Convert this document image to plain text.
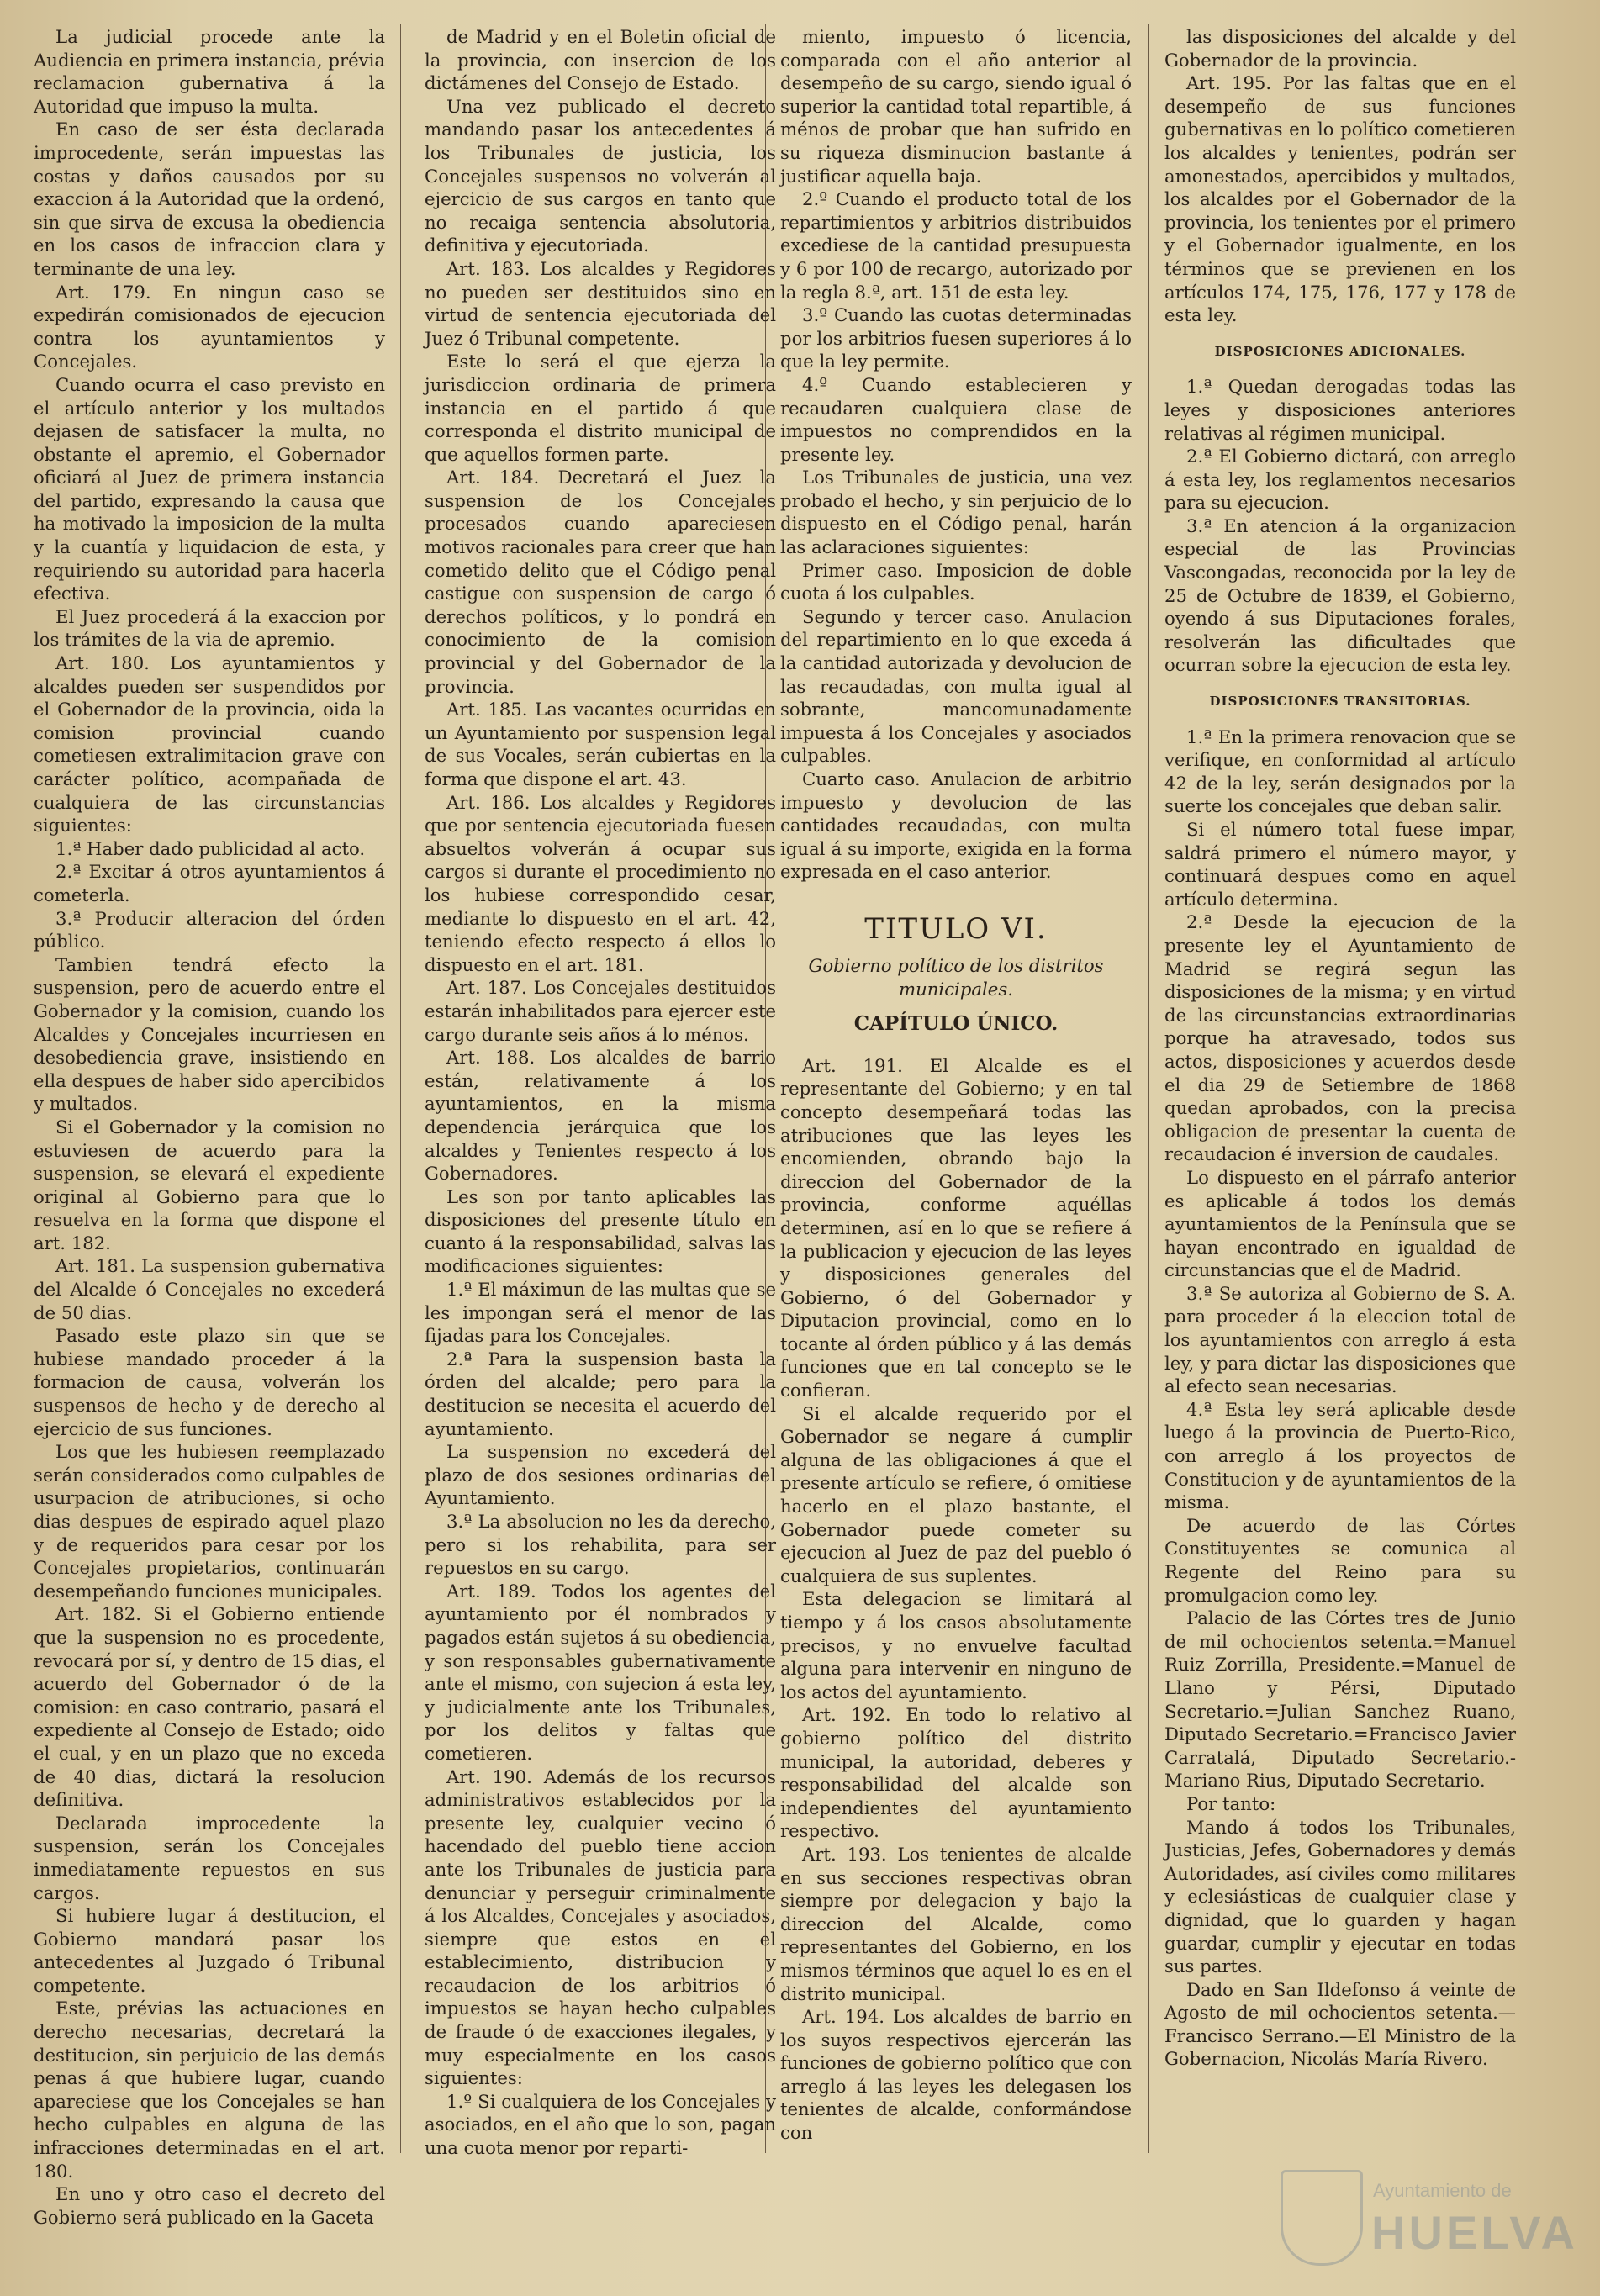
La judicial procede ante la Audiencia en primera instancia, prévia reclamacion gubernativa á la Autoridad que impuso la multa.

En caso de ser ésta declarada improcedente, serán impuestas las costas y daños causados por su exaccion á la Autoridad que la ordenó, sin que sirva de excusa la obediencia en los casos de infraccion clara y terminante de una ley.

Art. 179. En ningun caso se expedirán comisionados de ejecucion contra los ayuntamientos y Concejales.

Cuando ocurra el caso previsto en el artículo anterior y los multados dejasen de satisfacer la multa, no obstante el apremio, el Gobernador oficiará al Juez de primera instancia del partido, expresando la causa que ha motivado la imposicion de la multa y la cuantía y liquidacion de esta, y requiriendo su autoridad para hacerla efectiva.

El Juez procederá á la exaccion por los trámites de la via de apremio.

Art. 180. Los ayuntamientos y alcaldes pueden ser suspendidos por el Gobernador de la provincia, oida la comision provincial cuando cometiesen extralimitacion grave con carácter político, acompañada de cualquiera de las circunstancias siguientes:

1.ª Haber dado publicidad al acto.

2.ª Excitar á otros ayuntamientos á cometerla.

3.ª Producir alteracion del órden público.

Tambien tendrá efecto la suspension, pero de acuerdo entre el Gobernador y la comision, cuando los Alcaldes y Concejales incurriesen en desobediencia grave, insistiendo en ella despues de haber sido apercibidos y multados.

Si el Gobernador y la comision no estuviesen de acuerdo para la suspension, se elevará el expediente original al Gobierno para que lo resuelva en la forma que dispone el art. 182.

Art. 181. La suspension gubernativa del Alcalde ó Concejales no excederá de 50 dias.

Pasado este plazo sin que se hubiese mandado proceder á la formacion de causa, volverán los suspensos de hecho y de derecho al ejercicio de sus funciones.

Los que les hubiesen reemplazado serán considerados como culpables de usurpacion de atribuciones, si ocho dias despues de espirado aquel plazo y de requeridos para cesar por los Concejales propietarios, continuarán desempeñando funciones municipales.

Art. 182. Si el Gobierno entiende que la suspension no es procedente, revocará por sí, y dentro de 15 dias, el acuerdo del Gobernador ó de la comision: en caso contrario, pasará el expediente al Consejo de Estado; oido el cual, y en un plazo que no exceda de 40 dias, dictará la resolucion definitiva.

Declarada improcedente la suspension, serán los Concejales inmediatamente repuestos en sus cargos.

Si hubiere lugar á destitucion, el Gobierno mandará pasar los antecedentes al Juzgado ó Tribunal competente.

Este, prévias las actuaciones en derecho necesarias, decretará la destitucion, sin perjuicio de las demás penas á que hubiere lugar, cuando apareciese que los Concejales se han hecho culpables en alguna de las infracciones determinadas en el art. 180.

En uno y otro caso el decreto del Gobierno será publicado en la Gaceta

de Madrid y en el Boletin oficial de la provincia, con insercion de los dictámenes del Consejo de Estado.

Una vez publicado el decreto mandando pasar los antecedentes á los Tribunales de justicia, los Concejales suspensos no volverán al ejercicio de sus cargos en tanto que no recaiga sentencia absolutoria, definitiva y ejecutoriada.

Art. 183. Los alcaldes y Regidores no pueden ser destituidos sino en virtud de sentencia ejecutoriada del Juez ó Tribunal competente.

Este lo será el que ejerza la jurisdiccion ordinaria de primera instancia en el partido á que corresponda el distrito municipal de que aquellos formen parte.

Art. 184. Decretará el Juez la suspension de los Concejales procesados cuando apareciesen motivos racionales para creer que han cometido delito que el Código penal castigue con suspension de cargo ó derechos políticos, y lo pondrá en conocimiento de la comision provincial y del Gobernador de la provincia.

Art. 185. Las vacantes ocurridas en un Ayuntamiento por suspension legal de sus Vocales, serán cubiertas en la forma que dispone el art. 43.

Art. 186. Los alcaldes y Regidores que por sentencia ejecutoriada fuesen absueltos volverán á ocupar sus cargos si durante el procedimiento no los hubiese correspondido cesar, mediante lo dispuesto en el art. 42, teniendo efecto respecto á ellos lo dispuesto en el art. 181.

Art. 187. Los Concejales destituidos estarán inhabilitados para ejercer este cargo durante seis años á lo ménos.

Art. 188. Los alcaldes de barrio están, relativamente á los ayuntamientos, en la misma dependencia jerárquica que los alcaldes y Tenientes respecto á los Gobernadores.

Les son por tanto aplicables las disposiciones del presente título en cuanto á la responsabilidad, salvas las modificaciones siguientes:

1.ª El máximun de las multas que se les impongan será el menor de las fijadas para los Concejales.

2.ª Para la suspension basta la órden del alcalde; pero para la destitucion se necesita el acuerdo del ayuntamiento.

La suspension no excederá del plazo de dos sesiones ordinarias del Ayuntamiento.

3.ª La absolucion no les da derecho, pero si los rehabilita, para ser repuestos en su cargo.

Art. 189. Todos los agentes del ayuntamiento por él nombrados y pagados están sujetos á su obediencia, y son responsables gubernativamente ante el mismo, con sujecion á esta ley, y judicialmente ante los Tribunales, por los delitos y faltas que cometieren.

Art. 190. Además de los recursos administrativos establecidos por la presente ley, cualquier vecino ó hacendado del pueblo tiene accion ante los Tribunales de justicia para denunciar y perseguir criminalmente á los Alcaldes, Concejales y asociados, siempre que estos en el establecimiento, distribucion y recaudacion de los arbitrios ó impuestos se hayan hecho culpables de fraude ó de exacciones ilegales, y muy especialmente en los casos siguientes:

1.º Si cualquiera de los Concejales y asociados, en el año que lo son, pagan una cuota menor por reparti-

miento, impuesto ó licencia, comparada con el año anterior al desempeño de su cargo, siendo igual ó superior la cantidad total repartible, á ménos de probar que han sufrido en su riqueza disminucion bastante á justificar aquella baja.

2.º Cuando el producto total de los repartimientos y arbitrios distribuidos excediese de la cantidad presupuesta y 6 por 100 de recargo, autorizado por la regla 8.ª, art. 151 de esta ley.

3.º Cuando las cuotas determinadas por los arbitrios fuesen superiores á lo que la ley permite.

4.º Cuando establecieren y recaudaren cualquiera clase de impuestos no comprendidos en la presente ley.

Los Tribunales de justicia, una vez probado el hecho, y sin perjuicio de lo dispuesto en el Código penal, harán las aclaraciones siguientes:

Primer caso. Imposicion de doble cuota á los culpables.

Segundo y tercer caso. Anulacion del repartimiento en lo que exceda á la cantidad autorizada y devolucion de las recaudadas, con multa igual al sobrante, mancomunadamente impuesta á los Concejales y asociados culpables.

Cuarto caso. Anulacion de arbitrio impuesto y devolucion de las cantidades recaudadas, con multa igual á su importe, exigida en la forma expresada en el caso anterior.

TITULO VI.

Gobierno político de los distritos municipales.

CAPÍTULO ÚNICO.

Art. 191. El Alcalde es el representante del Gobierno; y en tal concepto desempeñará todas las atribuciones que las leyes les encomienden, obrando bajo la direccion del Gobernador de la provincia, conforme aquéllas determinen, así en lo que se refiere á la publicacion y ejecucion de las leyes y disposiciones generales del Gobierno, ó del Gobernador y Diputacion provincial, como en lo tocante al órden público y á las demás funciones que en tal concepto se le confieran.

Si el alcalde requerido por el Gobernador se negare á cumplir alguna de las obligaciones á que el presente artículo se refiere, ó omitiese hacerlo en el plazo bastante, el Gobernador puede cometer su ejecucion al Juez de paz del pueblo ó cualquiera de sus suplentes.

Esta delegacion se limitará al tiempo y á los casos absolutamente precisos, y no envuelve facultad alguna para intervenir en ninguno de los actos del ayuntamiento.

Art. 192. En todo lo relativo al gobierno político del distrito municipal, la autoridad, deberes y responsabilidad del alcalde son independientes del ayuntamiento respectivo.

Art. 193. Los tenientes de alcalde en sus secciones respectivas obran siempre por delegacion y bajo la direccion del Alcalde, como representantes del Gobierno, en los mismos términos que aquel lo es en el distrito municipal.

Art. 194. Los alcaldes de barrio en los suyos respectivos ejercerán las funciones de gobierno político que con arreglo á las leyes les delegasen los tenientes de alcalde, conformándose con

las disposiciones del alcalde y del Gobernador de la provincia.

Art. 195. Por las faltas que en el desempeño de sus funciones gubernativas en lo político cometieren los alcaldes y tenientes, podrán ser amonestados, apercibidos y multados, los alcaldes por el Gobernador de la provincia, los tenientes por el primero y el Gobernador igualmente, en los términos que se previenen en los artículos 174, 175, 176, 177 y 178 de esta ley.

DISPOSICIONES ADICIONALES.

1.ª Quedan derogadas todas las leyes y disposiciones anteriores relativas al régimen municipal.

2.ª El Gobierno dictará, con arreglo á esta ley, los reglamentos necesarios para su ejecucion.

3.ª En atencion á la organizacion especial de las Provincias Vascongadas, reconocida por la ley de 25 de Octubre de 1839, el Gobierno, oyendo á sus Diputaciones forales, resolverán las dificultades que ocurran sobre la ejecucion de esta ley.

DISPOSICIONES TRANSITORIAS.

1.ª En la primera renovacion que se verifique, en conformidad al artículo 42 de la ley, serán designados por la suerte los concejales que deban salir.

Si el número total fuese impar, saldrá primero el número mayor, y continuará despues como en aquel artículo determina.

2.ª Desde la ejecucion de la presente ley el Ayuntamiento de Madrid se regirá segun las disposiciones de la misma; y en virtud de las circunstancias extraordinarias porque ha atravesado, todos sus actos, disposiciones y acuerdos desde el dia 29 de Setiembre de 1868 quedan aprobados, con la precisa obligacion de presentar la cuenta de recaudacion é inversion de caudales.

Lo dispuesto en el párrafo anterior es aplicable á todos los demás ayuntamientos de la Península que se hayan encontrado en igualdad de circunstancias que el de Madrid.

3.ª Se autoriza al Gobierno de S. A. para proceder á la eleccion total de los ayuntamientos con arreglo á esta ley, y para dictar las disposiciones que al efecto sean necesarias.

4.ª Esta ley será aplicable desde luego á la provincia de Puerto-Rico, con arreglo á los proyectos de Constitucion y de ayuntamientos de la misma.

De acuerdo de las Córtes Constituyentes se comunica al Regente del Reino para su promulgacion como ley.

Palacio de las Córtes tres de Junio de mil ochocientos setenta.=Manuel Ruiz Zorrilla, Presidente.=Manuel de Llano y Pérsi, Diputado Secretario.=Julian Sanchez Ruano, Diputado Secretario.=Francisco Javier Carratalá, Diputado Secretario.-Mariano Rius, Diputado Secretario.

Por tanto:

Mando á todos los Tribunales, Justicias, Jefes, Gobernadores y demás Autoridades, así civiles como militares y eclesiásticas de cualquier clase y dignidad, que lo guarden y hagan guardar, cumplir y ejecutar en todas sus partes.

Dado en San Ildefonso á veinte de Agosto de mil ochocientos setenta.—Francisco Serrano.—El Ministro de la Gobernacion, Nicolás María Rivero.

Ayuntamiento de
HUELVA
